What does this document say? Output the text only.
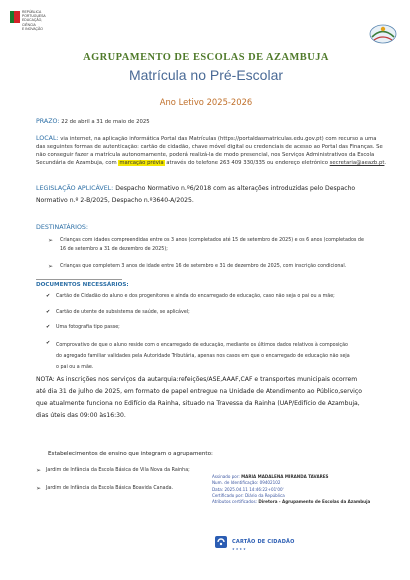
REPÚBLICA
PORTUGUESA
EDUCAÇÃO, CIÊNCIA
E INOVAÇÃO
AGRUPAMENTO DE ESCOLAS DE AZAMBUJA
Matrícula no Pré-Escolar
Ano Letivo 2025-2026
PRAZO: 22 de abril a 31 de maio de 2025
LOCAL: via internet, na aplicação informática Portal das Matrículas (https://portaldasmatriculas.edu.gov.pt) com recurso a uma
das seguintes formas de autenticação: cartão de cidadão, chave móvel digital ou credenciais de acesso ao Portal das Finanças. Se
não conseguir fazer a matrícula autonomamente, poderá realizá-la de modo presencial, nos Serviços Administrativos da Escola
Secundária de Azambuja, com marcação prévia através do telefone 263 409 330/335 ou endereço eletrónico secretaria@aeazb.pt.
LEGISLAÇÃO APLICÁVEL: Despacho Normativo n.º6/2018 com as alterações introduzidas pelo Despacho
Normativo n.º 2-B/2025, Despacho n.º3640-A/2025.
DESTINATÁRIOS:
➢ Crianças com idades compreendidas entre os 3 anos (completados até 15 de setembro de 2025) e os 6 anos (completados de
16 de setembro a 31 de dezembro de 2025);
➢ Crianças que completem 3 anos de idade entre 16 de setembro e 31 de dezembro de 2025, com inscrição condicional.
DOCUMENTOS NECESSÁRIOS:
✔ Cartão de Cidadão do aluno e dos progenitores e ainda do encarregado de educação, caso não seja o pai ou a mãe;
✔ Cartão de utente de subsistema de saúde, se aplicável;
✔ Uma fotografia tipo passe;
✔ Comprovativo de que o aluno reside com o encarregado de educação, mediante os últimos dados relativos à composição
do agregado familiar validades pela Autoridade Tributária, apenas nos casos em que o encarregado de educação não seja
o pai ou a mãe.
NOTA: As inscrições nos serviços da autarquia:refeições/ASE,AAAF,CAF e transportes municipais ocorrem
até dia 31 de julho de 2025, em formato de papel entregue na Unidade de Atendimento ao Público,serviço
que atualmente funciona no Edifício da Rainha, situado na Travessa da Rainha (UAP/Edifício de Azambuja,
dias úteis das 09:00 às16:30.
Estabelecimentos de ensino que integram o agrupamento:
➢ Jardim de Infância da Escola Básica de Vila Nova da Rainha;
➢ Jardim de Infância da Escola Básica Boavida Canada.
Assinado por: MARIA MADALENA MIRANDA TAVARES
Num. de Identificação: 09402102
Data: 2025.04.11 14:46:22+01'00'
Certificado por: Diário da República
Atributos certificados: Diretora - Agrupamento de Escolas da Azambuja
CARTÃO DE CIDADÃO
★★★★
